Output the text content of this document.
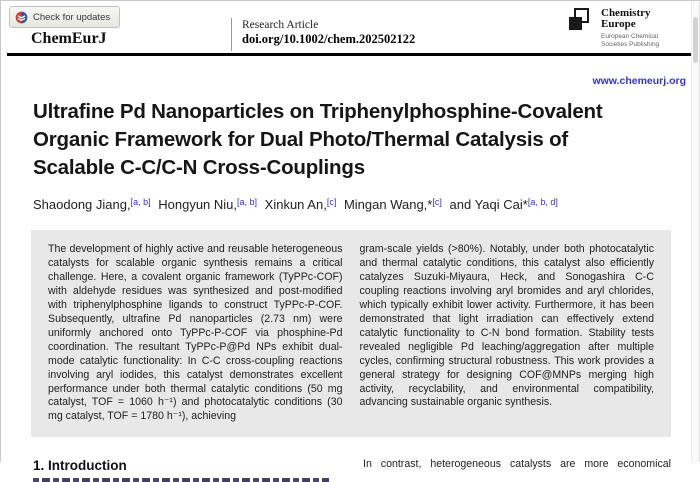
Check for updates
ChemEurJ
Research Article
doi.org/10.1002/chem.202502122
Chemistry
Europe
European Chemical
Societies Publishing
www.chemeurj.org
Ultrafine Pd Nanoparticles on Triphenylphosphine-Covalent
Organic Framework for Dual Photo/Thermal Catalysis of
Scalable C-C/C-N Cross-Couplings
Shaodong Jiang,[a, b] Hongyun Niu,[a, b] Xinkun An,[c] Mingan Wang,*[c] and Yaqi Cai*[a, b, d]
The development of highly active and reusable heterogeneous catalysts for scalable organic synthesis remains a critical challenge. Here, a covalent organic framework (TyPPc-COF) with aldehyde residues was synthesized and post-modified with triphenylphosphine ligands to construct TyPPc-P-COF. Subsequently, ultrafine Pd nanoparticles (2.73 nm) were uniformly anchored onto TyPPc-P-COF via phosphine-Pd coordination. The resultant TyPPc-P@Pd NPs exhibit dual-mode catalytic functionality: In C-C cross-coupling reactions involving aryl iodides, this catalyst demonstrates excellent performance under both thermal catalytic conditions (50 mg catalyst, TOF = 1060 h⁻¹) and photocatalytic conditions (30 mg catalyst, TOF = 1780 h⁻¹), achieving
gram-scale yields (>80%). Notably, under both photocatalytic and thermal catalytic conditions, this catalyst also efficiently catalyzes Suzuki-Miyaura, Heck, and Sonogashira C-C coupling reactions involving aryl bromides and aryl chlorides, which typically exhibit lower activity. Furthermore, it has been demonstrated that light irradiation can effectively extend catalytic functionality to C-N bond formation. Stability tests revealed negligible Pd leaching/aggregation after multiple cycles, confirming structural robustness. This work provides a general strategy for designing COF@MNPs merging high activity, recyclability, and environmental compatibility, advancing sustainable organic synthesis.
1. Introduction	In contrast, heterogeneous catalysts are more economical
